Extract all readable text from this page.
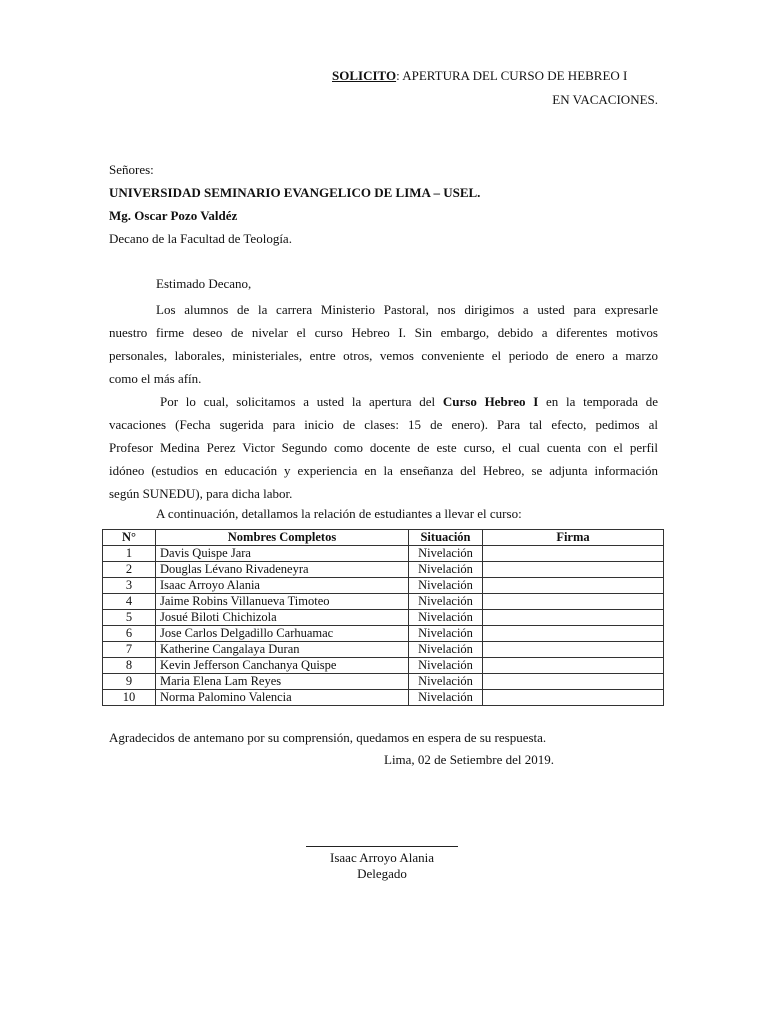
SOLICITO: APERTURA DEL CURSO DE HEBREO I
EN VACACIONES.
Señores:
UNIVERSIDAD SEMINARIO EVANGELICO DE LIMA – USEL.
Mg. Oscar Pozo Valdéz
Decano de la Facultad de Teología.
Estimado Decano,
Los alumnos de la carrera Ministerio Pastoral, nos dirigimos a usted para expresarle
nuestro firme deseo de nivelar el curso Hebreo I. Sin embargo, debido a diferentes motivos
personales, laborales, ministeriales, entre otros, vemos conveniente el periodo de enero a marzo
como el más afín.
Por lo cual, solicitamos a usted la apertura del Curso Hebreo I en la temporada de
vacaciones (Fecha sugerida para inicio de clases: 15 de enero). Para tal efecto, pedimos al
Profesor Medina Perez Victor Segundo como docente de este curso, el cual cuenta con el perfil
idóneo (estudios en educación y experiencia en la enseñanza del Hebreo, se adjunta información
según SUNEDU), para dicha labor.
A continuación, detallamos la relación de estudiantes a llevar el curso:
N°	Nombres Completos	Situación	Firma
1	Davis Quispe Jara	Nivelación	
2	Douglas Lévano Rivadeneyra	Nivelación	
3	Isaac Arroyo Alania	Nivelación	
4	Jaime Robins Villanueva Timoteo	Nivelación	
5	Josué Biloti Chichizola	Nivelación	
6	Jose Carlos Delgadillo Carhuamac	Nivelación	
7	Katherine Cangalaya Duran	Nivelación	
8	Kevin Jefferson Canchanya Quispe	Nivelación	
9	Maria Elena Lam Reyes	Nivelación	
10	Norma Palomino Valencia	Nivelación	
Agradecidos de antemano por su comprensión, quedamos en espera de su respuesta.
Lima, 02 de Setiembre del 2019.
Isaac Arroyo Alania
Delegado
